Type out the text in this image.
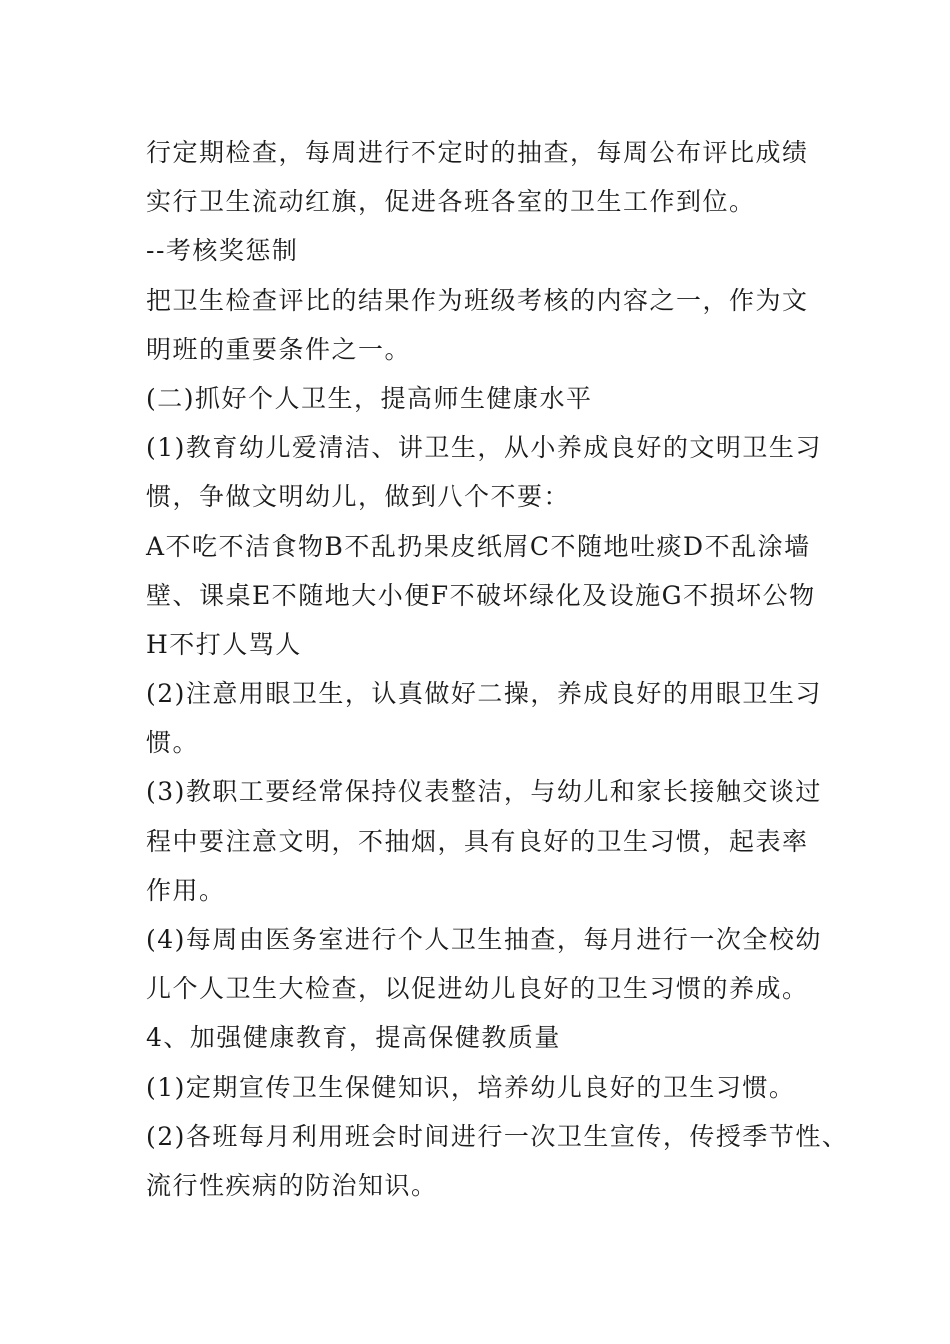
行定期检查，每周进行不定时的抽查，每周公布评比成绩
实行卫生流动红旗，促进各班各室的卫生工作到位。
--考核奖惩制
把卫生检查评比的结果作为班级考核的内容之一，作为文
明班的重要条件之一。
(二)抓好个人卫生，提高师生健康水平
(1)教育幼儿爱清洁、讲卫生，从小养成良好的文明卫生习
惯，争做文明幼儿，做到八个不要：
A不吃不洁食物B不乱扔果皮纸屑C不随地吐痰D不乱涂墙
壁、课桌E不随地大小便F不破坏绿化及设施G不损坏公物
H不打人骂人
(2)注意用眼卫生，认真做好二操，养成良好的用眼卫生习
惯。
(3)教职工要经常保持仪表整洁，与幼儿和家长接触交谈过
程中要注意文明，不抽烟，具有良好的卫生习惯，起表率
作用。
(4)每周由医务室进行个人卫生抽查，每月进行一次全校幼
儿个人卫生大检查，以促进幼儿良好的卫生习惯的养成。
4、加强健康教育，提高保健教质量
(1)定期宣传卫生保健知识，培养幼儿良好的卫生习惯。
(2)各班每月利用班会时间进行一次卫生宣传，传授季节性、
流行性疾病的防治知识。
